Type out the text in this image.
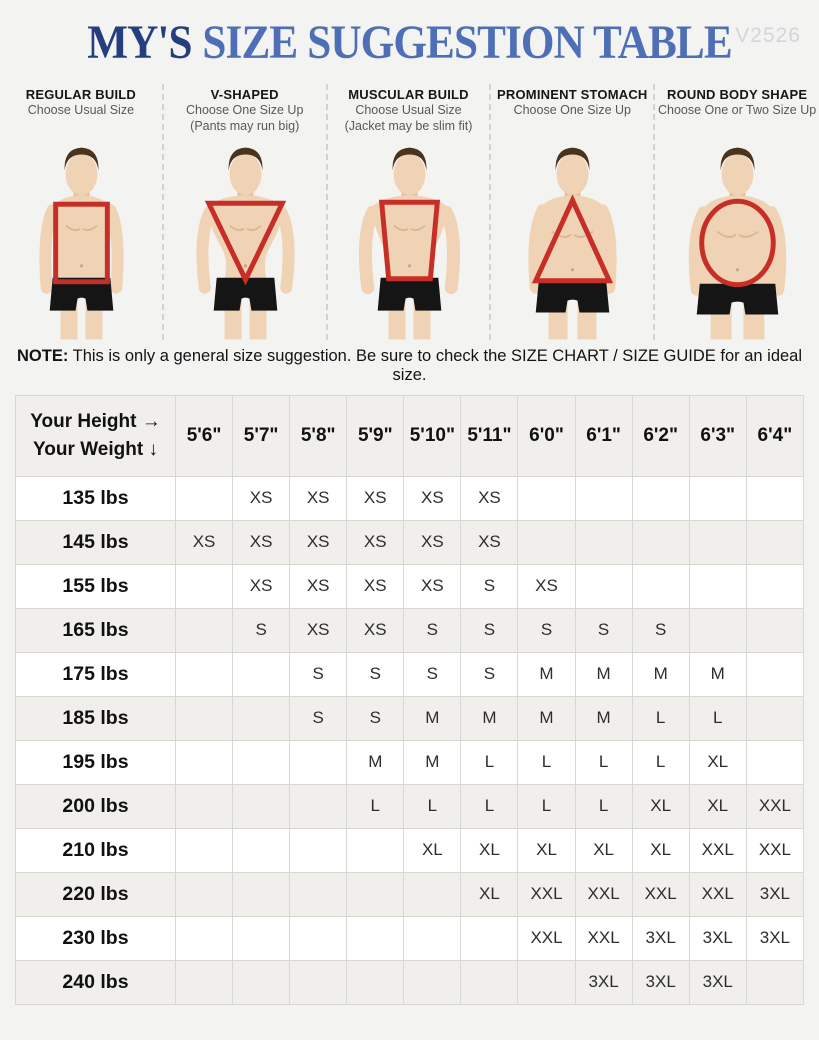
V2526
MY'S SIZE SUGGESTION TABLE
REGULAR BUILD
Choose Usual Size
V-SHAPED
Choose One Size Up
(Pants may run big)
MUSCULAR BUILD
Choose Usual Size
(Jacket may be slim fit)
PROMINENT STOMACH
Choose One Size Up
ROUND BODY SHAPE
Choose One or Two Size Up
NOTE: This is only a general size suggestion. Be sure to check the SIZE CHART / SIZE GUIDE for an ideal size.
Your Height →
Your Weight ↓	5'6"	5'7"	5'8"	5'9"	5'10"	5'11"	6'0"	6'1"	6'2"	6'3"	6'4"
135 lbs		XS	XS	XS	XS	XS					
145 lbs	XS	XS	XS	XS	XS	XS					
155 lbs		XS	XS	XS	XS	S	XS				
165 lbs		S	XS	XS	S	S	S	S	S		
175 lbs			S	S	S	S	M	M	M	M	
185 lbs			S	S	M	M	M	M	L	L	
195 lbs				M	M	L	L	L	L	XL	
200 lbs				L	L	L	L	L	XL	XL	XXL
210 lbs					XL	XL	XL	XL	XL	XXL	XXL
220 lbs						XL	XXL	XXL	XXL	XXL	3XL
230 lbs							XXL	XXL	3XL	3XL	3XL
240 lbs								3XL	3XL	3XL	
